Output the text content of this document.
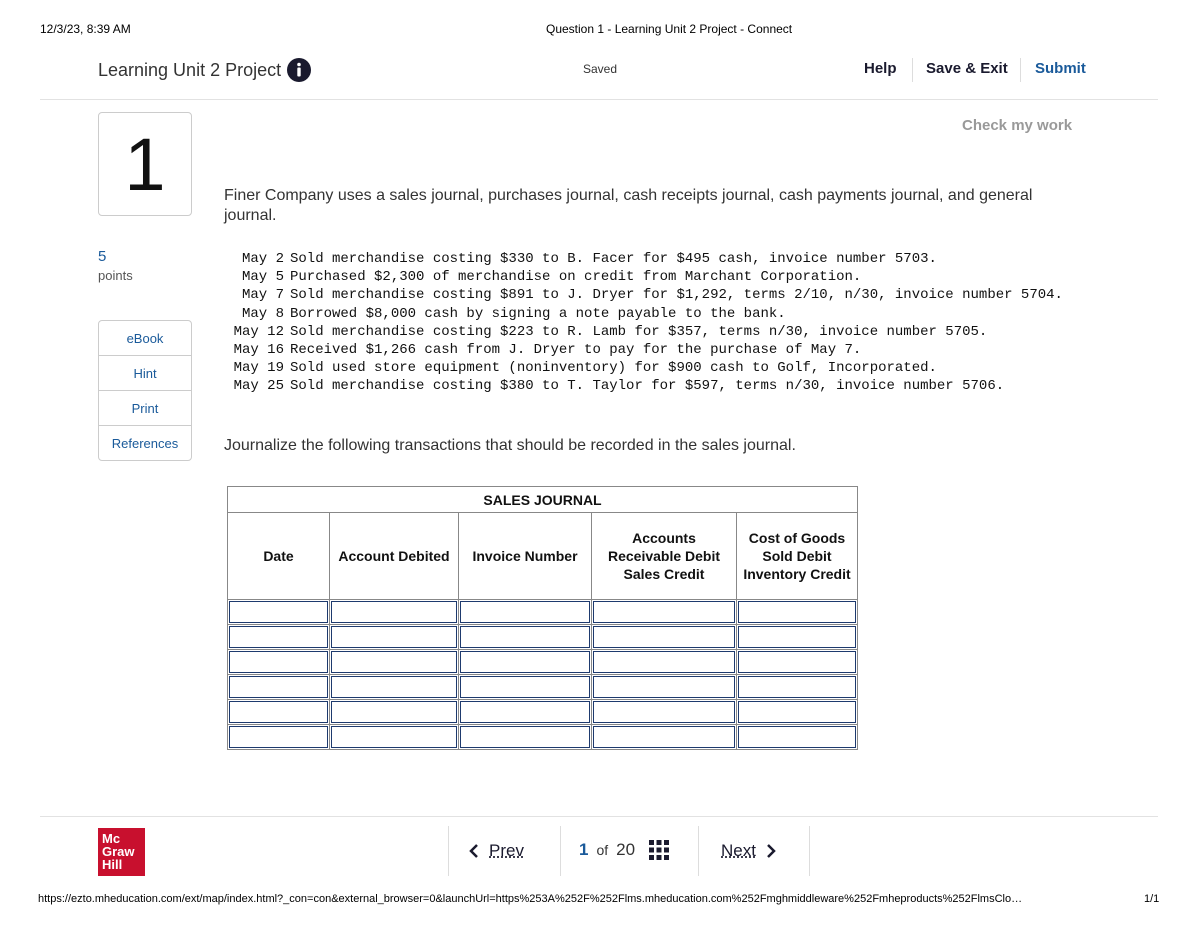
12/3/23, 8:39 AM	Question 1 - Learning Unit 2 Project - Connect
Learning Unit 2 Project	Saved	Help Save & Exit Submit
1
5
points
eBook
Hint
Print
References
Check my work
Finer Company uses a sales journal, purchases journal, cash receipts journal, cash payments journal, and general journal.
May 2 Sold merchandise costing $330 to B. Facer for $495 cash, invoice number 5703.
May 5 Purchased $2,300 of merchandise on credit from Marchant Corporation.
May 7 Sold merchandise costing $891 to J. Dryer for $1,292, terms 2/10, n/30, invoice number 5704.
May 8 Borrowed $8,000 cash by signing a note payable to the bank.
May 12 Sold merchandise costing $223 to R. Lamb for $357, terms n/30, invoice number 5705.
May 16 Received $1,266 cash from J. Dryer to pay for the purchase of May 7.
May 19 Sold used store equipment (noninventory) for $900 cash to Golf, Incorporated.
May 25 Sold merchandise costing $380 to T. Taylor for $597, terms n/30, invoice number 5706.
Journalize the following transactions that should be recorded in the sales journal.
SALES JOURNAL				
Date	Account Debited	Invoice Number	Accounts Receivable Debit Sales Credit	Cost of Goods Sold Debit Inventory Credit

Mc
Graw
Hill
Prev	1 of 20	Next
https://ezto.mheducation.com/ext/map/index.html?_con=con&external_browser=0&launchUrl=https%253A%252F%252Flms.mheducation.com%252Fmghmiddleware%252Fmheproducts%252FlmsClo…	1/1
